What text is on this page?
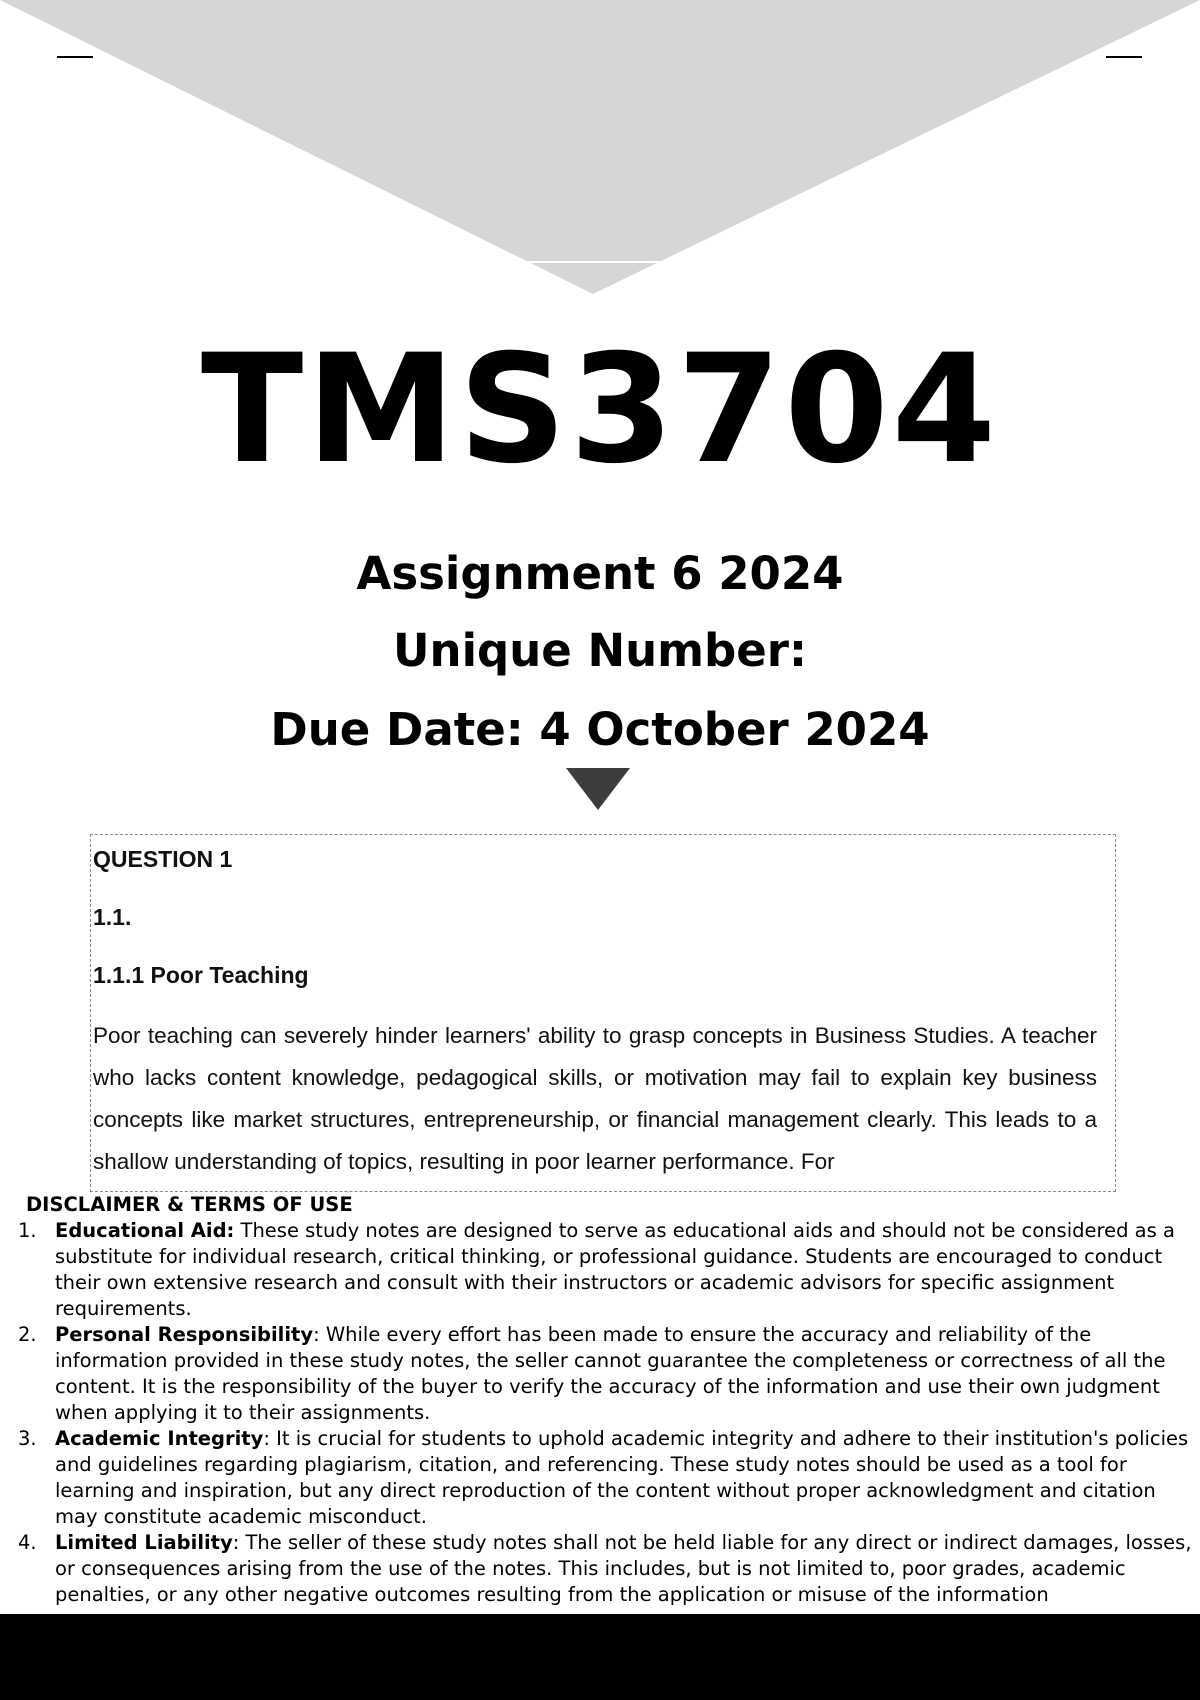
TMS3704

Assignment 6 2024

Unique Number:

Due Date: 4 October 2024

QUESTION 1

1.1.

1.1.1 Poor Teaching

Poor teaching can severely hinder learners' ability to grasp concepts in Business Studies. A teacher who lacks content knowledge, pedagogical skills, or motivation may fail to explain key business concepts like market structures, entrepreneurship, or financial management clearly. This leads to a shallow understanding of topics, resulting in poor learner performance. For

DISCLAIMER & TERMS OF USE

1. Educational Aid: These study notes are designed to serve as educational aids and should not be considered as a substitute for individual research, critical thinking, or professional guidance. Students are encouraged to conduct their own extensive research and consult with their instructors or academic advisors for specific assignment requirements.
2. Personal Responsibility: While every effort has been made to ensure the accuracy and reliability of the information provided in these study notes, the seller cannot guarantee the completeness or correctness of all the content. It is the responsibility of the buyer to verify the accuracy of the information and use their own judgment when applying it to their assignments.
3. Academic Integrity: It is crucial for students to uphold academic integrity and adhere to their institution's policies and guidelines regarding plagiarism, citation, and referencing. These study notes should be used as a tool for learning and inspiration, but any direct reproduction of the content without proper acknowledgment and citation may constitute academic misconduct.
4. Limited Liability: The seller of these study notes shall not be held liable for any direct or indirect damages, losses, or consequences arising from the use of the notes. This includes, but is not limited to, poor grades, academic penalties, or any other negative outcomes resulting from the application or misuse of the information
